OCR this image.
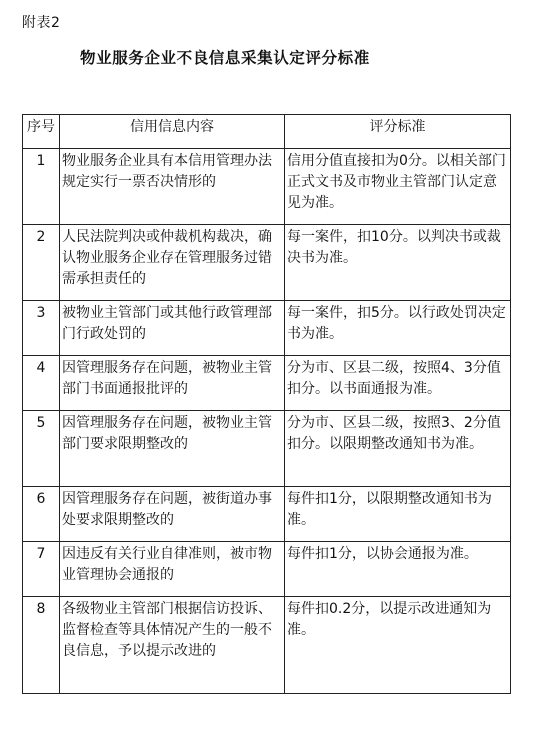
附表2
物业服务企业不良信息采集认定评分标准
序号	信用信息内容	评分标准
1	物业服务企业具有本信用管理办法规定实行一票否决情形的	信用分值直接扣为0分。以相关部门正式文书及市物业主管部门认定意见为准。
2	人民法院判决或仲裁机构裁决，确认物业服务企业存在管理服务过错需承担责任的	每一案件，扣10分。以判决书或裁决书为准。
3	被物业主管部门或其他行政管理部门行政处罚的	每一案件，扣5分。以行政处罚决定书为准。
4	因管理服务存在问题，被物业主管部门书面通报批评的	分为市、区县二级，按照4、3分值扣分。以书面通报为准。
5	因管理服务存在问题，被物业主管部门要求限期整改的	分为市、区县二级，按照3、2分值扣分。以限期整改通知书为准。
6	因管理服务存在问题，被街道办事处要求限期整改的	每件扣1分，以限期整改通知书为准。
7	因违反有关行业自律准则，被市物业管理协会通报的	每件扣1分，以协会通报为准。
8	各级物业主管部门根据信访投诉、监督检查等具体情况产生的一般不良信息，予以提示改进的	每件扣0.2分，以提示改进通知为准。
